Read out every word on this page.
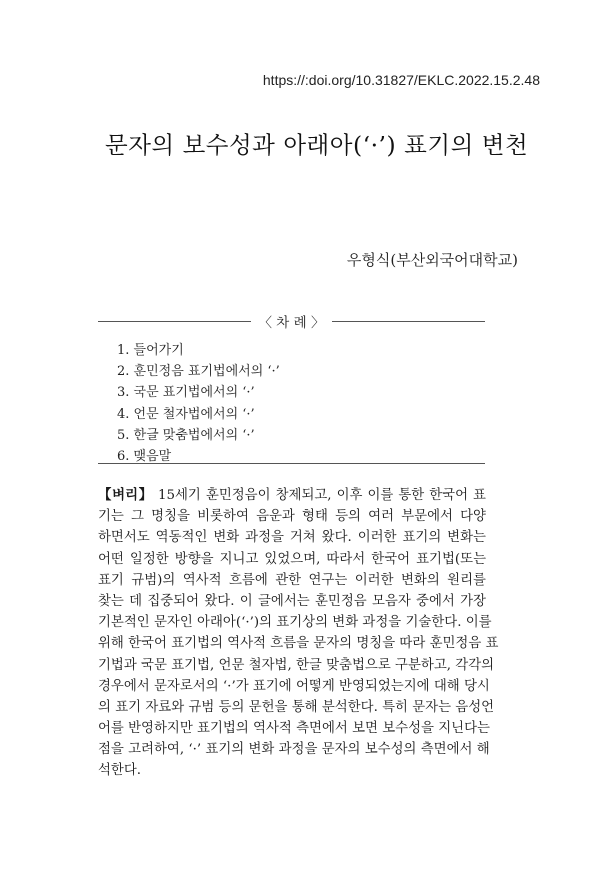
https://:doi.org/10.31827/EKLC.2022.15.2.48
문자의 보수성과 아래아(‘·’) 표기의 변천
우형식(부산외국어대학교)
〈 차 례 〉
1. 들어가기
2. 훈민정음 표기법에서의 ‘·’
3. 국문 표기법에서의 ‘·’
4. 언문 철자법에서의 ‘·’
5. 한글 맞춤법에서의 ‘·’
6. 맺음말
【벼리】 15세기 훈민정음이 창제되고, 이후 이를 통한 한국어 표
기는 그 명칭을 비롯하여 음운과 형태 등의 여러 부문에서 다양
하면서도 역동적인 변화 과정을 거쳐 왔다. 이러한 표기의 변화는
어떤 일정한 방향을 지니고 있었으며, 따라서 한국어 표기법(또는
표기 규범)의 역사적 흐름에 관한 연구는 이러한 변화의 원리를
찾는 데 집중되어 왔다. 이 글에서는 훈민정음 모음자 중에서 가장
기본적인 문자인 아래아(‘·’)의 표기상의 변화 과정을 기술한다. 이를
위해 한국어 표기법의 역사적 흐름을 문자의 명칭을 따라 훈민정음 표
기법과 국문 표기법, 언문 철자법, 한글 맞춤법으로 구분하고, 각각의
경우에서 문자로서의 ‘·’가 표기에 어떻게 반영되었는지에 대해 당시
의 표기 자료와 규범 등의 문헌을 통해 분석한다. 특히 문자는 음성언
어를 반영하지만 표기법의 역사적 측면에서 보면 보수성을 지닌다는
점을 고려하여, ‘·’ 표기의 변화 과정을 문자의 보수성의 측면에서 해
석한다.
